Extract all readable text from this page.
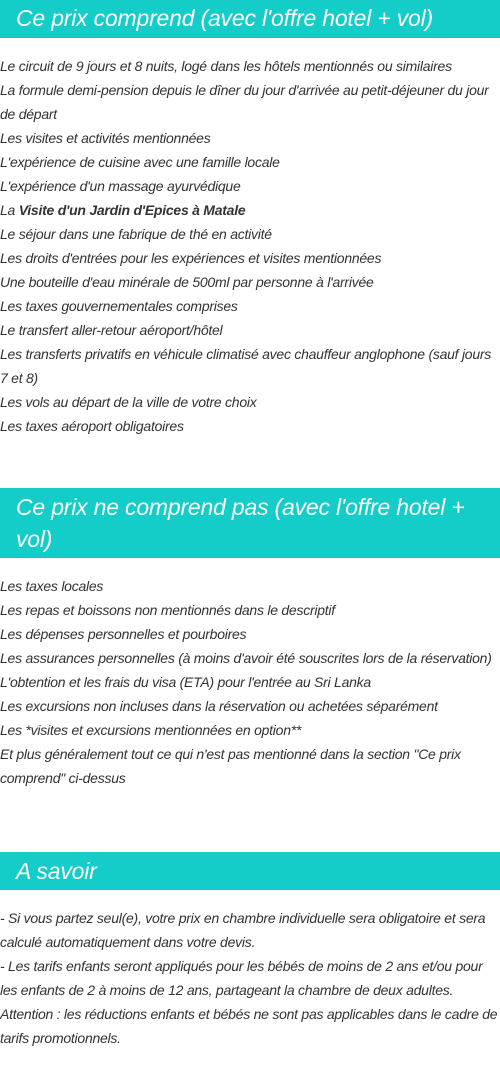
Ce prix comprend (avec l'offre hotel + vol)
Le circuit de 9 jours et 8 nuits, logé dans les hôtels mentionnés ou similaires
La formule demi-pension depuis le dîner du jour d'arrivée au petit-déjeuner du jour de départ
Les visites et activités mentionnées
L'expérience de cuisine avec une famille locale
L'expérience d'un massage ayurvédique
La Visite d'un Jardin d'Epices à Matale
Le séjour dans une fabrique de thé en activité
Les droits d'entrées pour les expériences et visites mentionnées
Une bouteille d'eau minérale de 500ml par personne à l'arrivée
Les taxes gouvernementales comprises
Le transfert aller-retour aéroport/hôtel
Les transferts privatifs en véhicule climatisé avec chauffeur anglophone (sauf jours 7 et 8)
Les vols au départ de la ville de votre choix
Les taxes aéroport obligatoires
Ce prix ne comprend pas (avec l'offre hotel + vol)
Les taxes locales
Les repas et boissons non mentionnés dans le descriptif
Les dépenses personnelles et pourboires
Les assurances personnelles (à moins d'avoir été souscrites lors de la réservation)
L'obtention et les frais du visa (ETA) pour l'entrée au Sri Lanka
Les excursions non incluses dans la réservation ou achetées séparément
Les *visites et excursions mentionnées en option**
Et plus généralement tout ce qui n'est pas mentionné dans la section "Ce prix comprend" ci-dessus
A savoir
- Si vous partez seul(e), votre prix en chambre individuelle sera obligatoire et sera calculé automatiquement dans votre devis.
- Les tarifs enfants seront appliqués pour les bébés de moins de 2 ans et/ou pour les enfants de 2 à moins de 12 ans, partageant la chambre de deux adultes.
Attention : les réductions enfants et bébés ne sont pas applicables dans le cadre de tarifs promotionnels.
